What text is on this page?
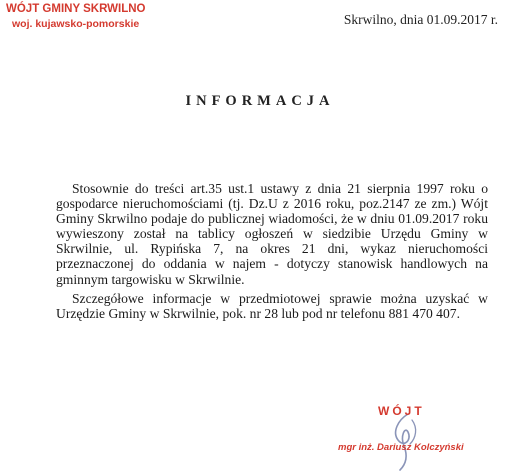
WÓJT GMINY SKRWILNO
woj. kujawsko-pomorskie	Skrwilno, dnia 01.09.2017 r.
INFORMACJA

Stosownie do treści art.35 ust.1 ustawy z dnia 21 sierpnia 1997 roku o gospodarce nieruchomościami (tj. Dz.U z 2016 roku, poz.2147 ze zm.) Wójt Gminy Skrwilno podaje do publicznej wiadomości, że w dniu 01.09.2017 roku wywieszony został na tablicy ogłoszeń w siedzibie Urzędu Gminy w Skrwilnie, ul. Rypińska 7, na okres 21 dni, wykaz nieruchomości przeznaczonej do oddania w najem - dotyczy stanowisk handlowych na gminnym targowisku w Skrwilnie.

Szczegółowe informacje w przedmiotowej sprawie można uzyskać w Urzędzie Gminy w Skrwilnie, pok. nr 28 lub pod nr telefonu 881 470 407.

WÓJT
mgr inż. Dariusz Kolczyński
